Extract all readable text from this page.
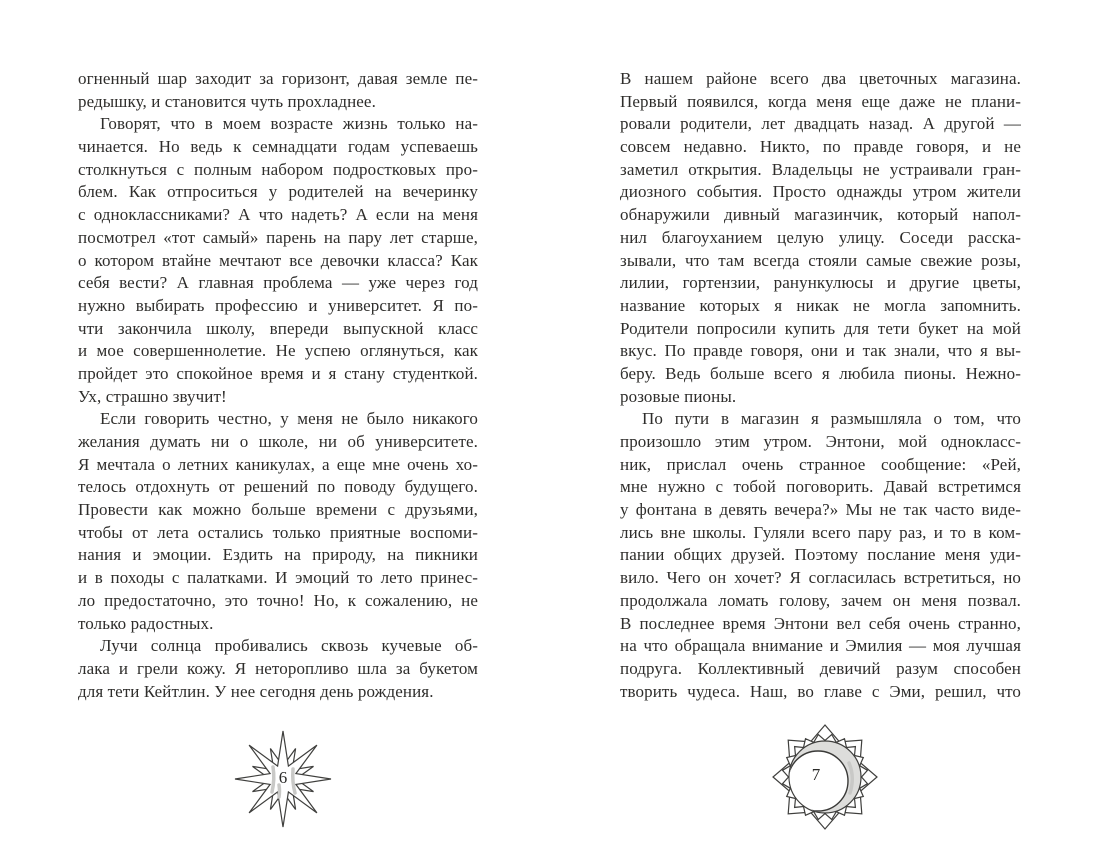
огненный шар заходит за горизонт, давая земле пе-
редышку, и становится чуть прохладнее.
Говорят, что в моем возрасте жизнь только на-
чинается. Но ведь к семнадцати годам успеваешь
столкнуться с полным набором подростковых про-
блем. Как отпроситься у родителей на вечеринку
с одноклассниками? А что надеть? А если на меня
посмотрел «тот самый» парень на пару лет старше,
о котором втайне мечтают все девочки класса? Как
себя вести? А главная проблема — уже через год
нужно выбирать профессию и университет. Я по-
чти закончила школу, впереди выпускной класс
и мое совершеннолетие. Не успею оглянуться, как
пройдет это спокойное время и я стану студенткой.
Ух, страшно звучит!
Если говорить честно, у меня не было никакого
желания думать ни о школе, ни об университете.
Я мечтала о летних каникулах, а еще мне очень хо-
телось отдохнуть от решений по поводу будущего.
Провести как можно больше времени с друзьями,
чтобы от лета остались только приятные воспоми-
нания и эмоции. Ездить на природу, на пикники
и в походы с палатками. И эмоций то лето принес-
ло предостаточно, это точно! Но, к сожалению, не
только радостных.
Лучи солнца пробивались сквозь кучевые об-
лака и грели кожу. Я неторопливо шла за букетом
для тети Кейтлин. У нее сегодня день рождения.
В нашем районе всего два цветочных магазина.
Первый появился, когда меня еще даже не плани-
ровали родители, лет двадцать назад. А другой —
совсем недавно. Никто, по правде говоря, и не
заметил открытия. Владельцы не устраивали гран-
диозного события. Просто однажды утром жители
обнаружили дивный магазинчик, который напол-
нил благоуханием целую улицу. Соседи расска-
зывали, что там всегда стояли самые свежие розы,
лилии, гортензии, ранункулюсы и другие цветы,
название которых я никак не могла запомнить.
Родители попросили купить для тети букет на мой
вкус. По правде говоря, они и так знали, что я вы-
беру. Ведь больше всего я любила пионы. Нежно-
розовые пионы.
По пути в магазин я размышляла о том, что
произошло этим утром. Энтони, мой однокласс-
ник, прислал очень странное сообщение: «Рей,
мне нужно с тобой поговорить. Давай встретимся
у фонтана в девять вечера?» Мы не так часто виде-
лись вне школы. Гуляли всего пару раз, и то в ком-
пании общих друзей. Поэтому послание меня уди-
вило. Чего он хочет? Я согласилась встретиться, но
продолжала ломать голову, зачем он меня позвал.
В последнее время Энтони вел себя очень странно,
на что обращала внимание и Эмилия — моя лучшая
подруга. Коллективный девичий разум способен
творить чудеса. Наш, во главе с Эми, решил, что
6	7
